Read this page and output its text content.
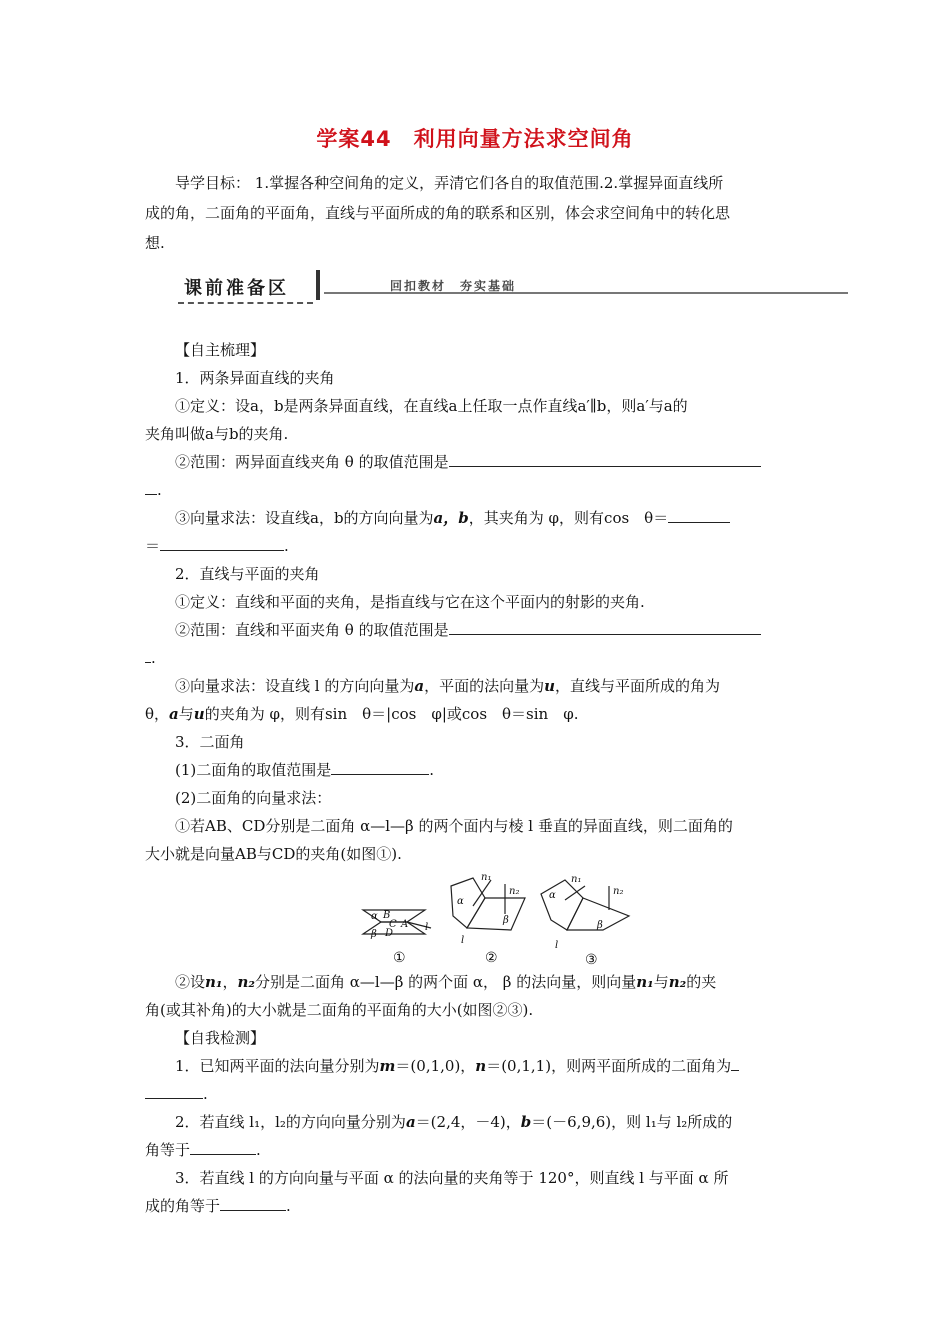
学案44　利用向量方法求空间角
导学目标： 1.掌握各种空间角的定义，弄清它们各自的取值范围.2.掌握异面直线所
成的角，二面角的平面角，直线与平面所成的角的联系和区别，体会求空间角中的转化思
想.
课前准备区	回扣教材　夯实基础
【自主梳理】
1．两条异面直线的夹角
①定义：设a，b是两条异面直线，在直线a上任取一点作直线a′∥b，则a′与a的
夹角叫做a与b的夹角.
②范围：两异面直线夹角 θ 的取值范围是
.
③向量求法：设直线a，b的方向向量为a，b，其夹角为 φ，则有cos　θ＝
＝	.
2．直线与平面的夹角
①定义：直线和平面的夹角，是指直线与它在这个平面内的射影的夹角.
②范围：直线和平面夹角 θ 的取值范围是
.
③向量求法：设直线 l 的方向向量为a，平面的法向量为u，直线与平面所成的角为
θ，a与u的夹角为 φ，则有sin　θ＝|cos　φ|或cos　θ＝sin　φ.
3．二面角
(1)二面角的取值范围是	.
(2)二面角的向量求法：
①若AB、CD分别是二面角 α—l—β 的两个面内与棱 l 垂直的异面直线，则二面角的
大小就是向量AB与CD的夹角(如图①).
α B
C A
β D
l
①
α
β
l
n₁
n₂
②
α
β
l
n₁
n₂
③
②设n₁，n₂分别是二面角 α—l—β 的两个面 α， β 的法向量，则向量n₁与n₂的夹
角(或其补角)的大小就是二面角的平面角的大小(如图②③).
【自我检测】
1．已知两平面的法向量分别为m＝(0,1,0)，n＝(0,1,1)，则两平面所成的二面角为
.
2．若直线 l₁，l₂的方向向量分别为a＝(2,4，－4)，b＝(－6,9,6)，则 l₁与 l₂所成的
角等于	.
3．若直线 l 的方向向量与平面 α 的法向量的夹角等于 120°，则直线 l 与平面 α 所
成的角等于	.
